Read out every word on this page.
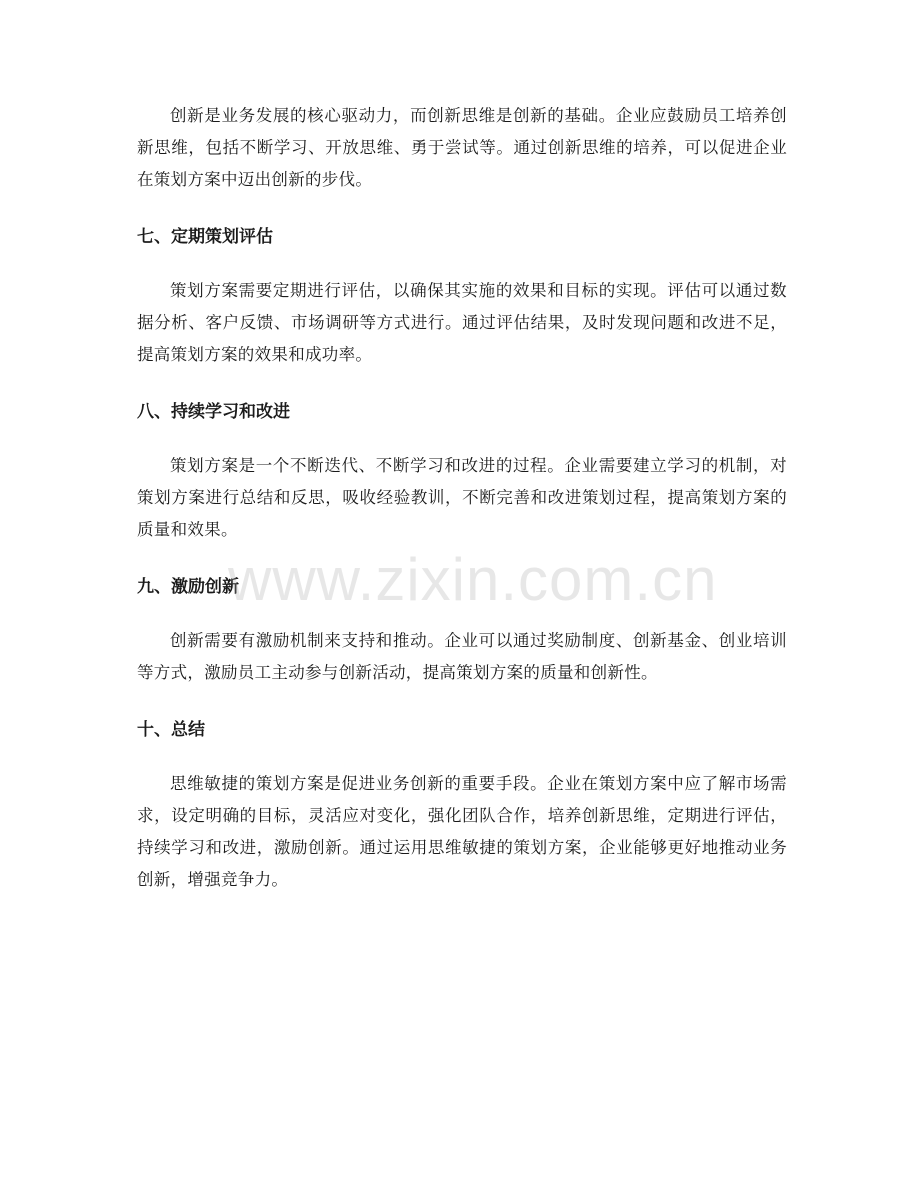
创新是业务发展的核心驱动力，而创新思维是创新的基础。企业应鼓励员工培养创新思维，包括不断学习、开放思维、勇于尝试等。通过创新思维的培养，可以促进企业在策划方案中迈出创新的步伐。

七、定期策划评估

策划方案需要定期进行评估，以确保其实施的效果和目标的实现。评估可以通过数据分析、客户反馈、市场调研等方式进行。通过评估结果，及时发现问题和改进不足，提高策划方案的效果和成功率。

八、持续学习和改进

策划方案是一个不断迭代、不断学习和改进的过程。企业需要建立学习的机制，对策划方案进行总结和反思，吸收经验教训，不断完善和改进策划过程，提高策划方案的质量和效果。

九、激励创新

创新需要有激励机制来支持和推动。企业可以通过奖励制度、创新基金、创业培训等方式，激励员工主动参与创新活动，提高策划方案的质量和创新性。

十、总结

思维敏捷的策划方案是促进业务创新的重要手段。企业在策划方案中应了解市场需求，设定明确的目标，灵活应对变化，强化团队合作，培养创新思维，定期进行评估，持续学习和改进，激励创新。通过运用思维敏捷的策划方案，企业能够更好地推动业务创新，增强竞争力。

www.zixin.com.cn
